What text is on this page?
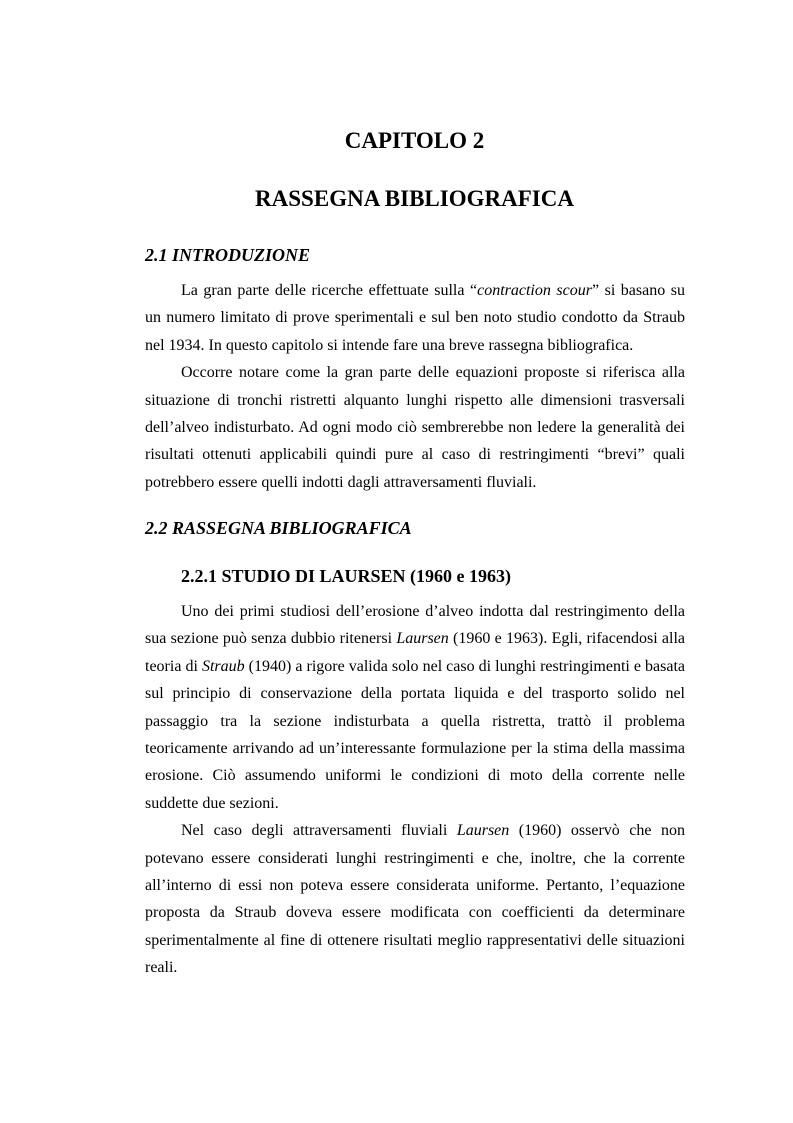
CAPITOLO 2
RASSEGNA BIBLIOGRAFICA
2.1 INTRODUZIONE

La gran parte delle ricerche effettuate sulla “contraction scour” si basano su un numero limitato di prove sperimentali e sul ben noto studio condotto da Straub nel 1934. In questo capitolo si intende fare una breve rassegna bibliografica.

Occorre notare come la gran parte delle equazioni proposte si riferisca alla situazione di tronchi ristretti alquanto lunghi rispetto alle dimensioni trasversali dell’alveo indisturbato. Ad ogni modo ciò sembrerebbe non ledere la generalità dei risultati ottenuti applicabili quindi pure al caso di restringimenti “brevi” quali potrebbero essere quelli indotti dagli attraversamenti fluviali.

2.2 RASSEGNA BIBLIOGRAFICA
2.2.1 STUDIO DI LAURSEN (1960 e 1963)

Uno dei primi studiosi dell’erosione d’alveo indotta dal restringimento della sua sezione può senza dubbio ritenersi Laursen (1960 e 1963). Egli, rifacendosi alla teoria di Straub (1940) a rigore valida solo nel caso di lunghi restringimenti e basata sul principio di conservazione della portata liquida e del trasporto solido nel passaggio tra la sezione indisturbata a quella ristretta, trattò il problema teoricamente arrivando ad un’interessante formulazione per la stima della massima erosione. Ciò assumendo uniformi le condizioni di moto della corrente nelle suddette due sezioni.

Nel caso degli attraversamenti fluviali Laursen (1960) osservò che non potevano essere considerati lunghi restringimenti e che, inoltre, che la corrente all’interno di essi non poteva essere considerata uniforme. Pertanto, l’equazione proposta da Straub doveva essere modificata con coefficienti da determinare sperimentalmente al fine di ottenere risultati meglio rappresentativi delle situazioni reali.
